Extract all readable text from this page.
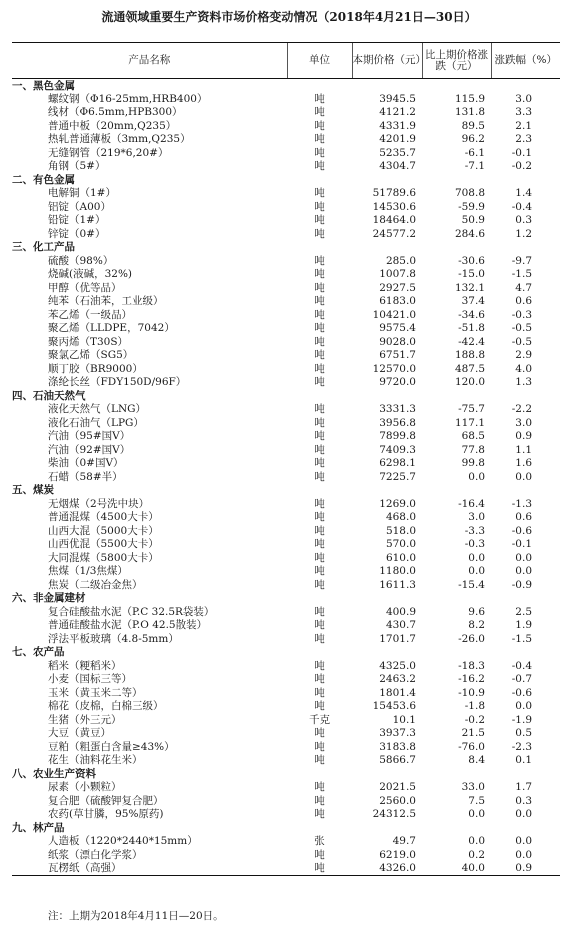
流通领域重要生产资料市场价格变动情况（2018年4月21日—30日）
产品名称	单位	本期价格（元）	比上期价格涨跌（元）	涨跌幅（%）
一、黑色金属				
螺纹钢（Φ16-25mm,HRB400）	吨	3945.5	115.9	3.0
线材（Φ6.5mm,HPB300）	吨	4121.2	131.8	3.3
普通中板（20mm,Q235）	吨	4331.9	89.5	2.1
热轧普通薄板（3mm,Q235）	吨	4201.9	96.2	2.3
无缝钢管（219*6,20#）	吨	5235.7	-6.1	-0.1
角钢（5#）	吨	4304.7	-7.1	-0.2
二、有色金属				
电解铜（1#）	吨	51789.6	708.8	1.4
铝锭（A00）	吨	14530.6	-59.9	-0.4
铅锭（1#）	吨	18464.0	50.9	0.3
锌锭（0#）	吨	24577.2	284.6	1.2
三、化工产品				
硫酸（98%）	吨	285.0	-30.6	-9.7
烧碱(液碱，32%)	吨	1007.8	-15.0	-1.5
甲醇（优等品）	吨	2927.5	132.1	4.7
纯苯（石油苯，工业级）	吨	6183.0	37.4	0.6
苯乙烯（一级品）	吨	10421.0	-34.6	-0.3
聚乙烯（LLDPE，7042）	吨	9575.4	-51.8	-0.5
聚丙烯（T30S）	吨	9028.0	-42.4	-0.5
聚氯乙烯（SG5）	吨	6751.7	188.8	2.9
顺丁胶（BR9000）	吨	12570.0	487.5	4.0
涤纶长丝（FDY150D/96F）	吨	9720.0	120.0	1.3
四、石油天然气				
液化天然气（LNG）	吨	3331.3	-75.7	-2.2
液化石油气（LPG）	吨	3956.8	117.1	3.0
汽油（95#国V）	吨	7899.8	68.5	0.9
汽油（92#国V）	吨	7409.3	77.8	1.1
柴油（0#国V）	吨	6298.1	99.8	1.6
石蜡（58#半）	吨	7225.7	0.0	0.0
五、煤炭				
无烟煤（2号洗中块）	吨	1269.0	-16.4	-1.3
普通混煤（4500大卡）	吨	468.0	3.0	0.6
山西大混（5000大卡）	吨	518.0	-3.3	-0.6
山西优混（5500大卡）	吨	570.0	-0.3	-0.1
大同混煤（5800大卡）	吨	610.0	0.0	0.0
焦煤（1/3焦煤）	吨	1180.0	0.0	0.0
焦炭（二级冶金焦）	吨	1611.3	-15.4	-0.9
六、非金属建材				
复合硅酸盐水泥（P.C 32.5R袋装）	吨	400.9	9.6	2.5
普通硅酸盐水泥（P.O 42.5散装）	吨	430.7	8.2	1.9
浮法平板玻璃（4.8-5mm）	吨	1701.7	-26.0	-1.5
七、农产品				
稻米（粳稻米）	吨	4325.0	-18.3	-0.4
小麦（国标三等）	吨	2463.2	-16.2	-0.7
玉米（黄玉米二等）	吨	1801.4	-10.9	-0.6
棉花（皮棉，白棉三级）	吨	15453.6	-1.8	0.0
生猪（外三元）	千克	10.1	-0.2	-1.9
大豆（黄豆）	吨	3937.3	21.5	0.5
豆粕（粗蛋白含量≥43%）	吨	3183.8	-76.0	-2.3
花生（油料花生米）	吨	5866.7	8.4	0.1
八、农业生产资料				
尿素（小颗粒）	吨	2021.5	33.0	1.7
复合肥（硫酸钾复合肥）	吨	2560.0	7.5	0.3
农药(草甘膦，95%原药)	吨	24312.5	0.0	0.0
九、林产品				
人造板（1220*2440*15mm）	张	49.7	0.0	0.0
纸浆（漂白化学浆）	吨	6219.0	0.2	0.0
瓦楞纸（高强）	吨	4326.0	40.0	0.9
注：上期为2018年4月11日—20日。
